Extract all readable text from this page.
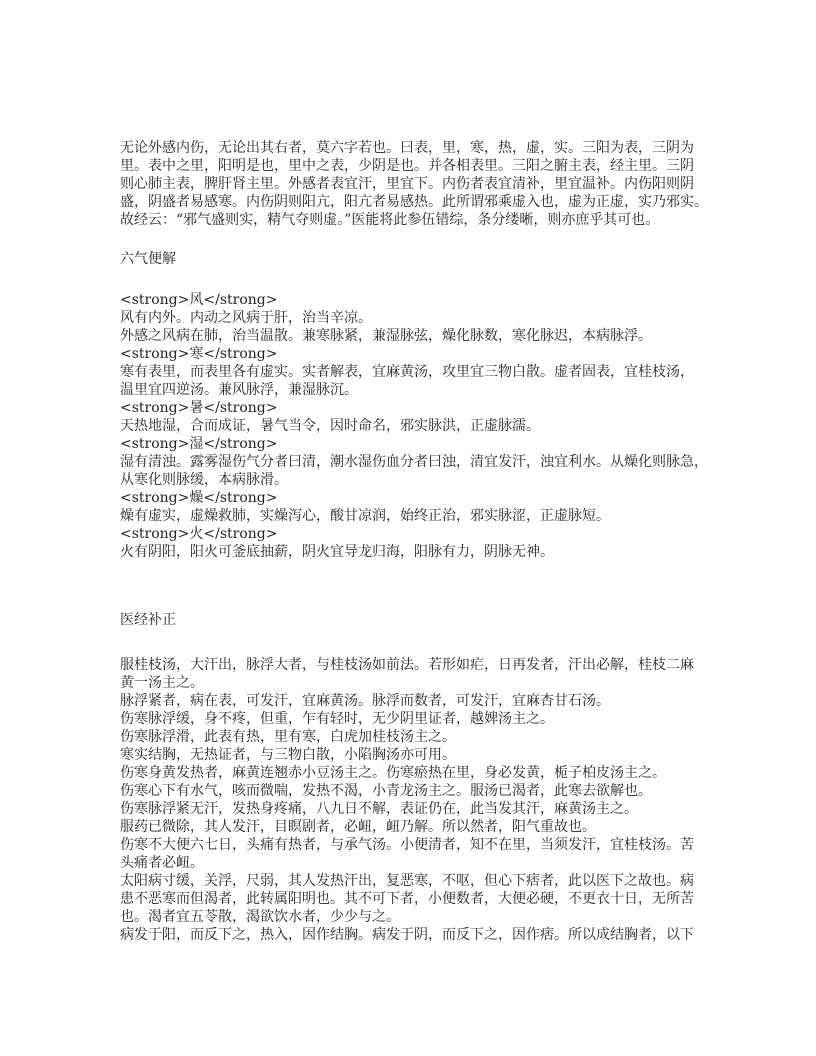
无论外感内伤，无论出其右者，莫六字若也。曰表，里，寒，热，虚，实。三阳为表，三阴为
里。表中之里，阳明是也，里中之表，少阴是也。并各相表里。三阳之腑主表，经主里。三阴
则心肺主表，脾肝肾主里。外感者表宜汗，里宜下。内伤者表宜清补，里宜温补。内伤阳则阴
盛，阴盛者易感寒。内伤阴则阳亢，阳亢者易感热。此所谓邪乘虚入也，虚为正虚，实乃邪实。
故经云：“邪气盛则实，精气夺则虚。”医能将此参伍错综，条分缕晰，则亦庶乎其可也。
六气便解
<strong>风</strong>
风有内外。内动之风病于肝，治当辛凉。
外感之风病在肺，治当温散。兼寒脉紧，兼湿脉弦，燥化脉数，寒化脉迟，本病脉浮。
<strong>寒</strong>
寒有表里，而表里各有虚实。实者解表，宜麻黄汤，攻里宜三物白散。虚者固表，宜桂枝汤，
温里宜四逆汤。兼风脉浮，兼湿脉沉。
<strong>暑</strong>
天热地湿，合而成证，暑气当令，因时命名，邪实脉洪，正虚脉濡。
<strong>湿</strong>
湿有清浊。露雾湿伤气分者曰清，潮水湿伤血分者曰浊，清宜发汗，浊宜利水。从燥化则脉急，
从寒化则脉缓，本病脉滑。
<strong>燥</strong>
燥有虚实，虚燥救肺，实燥泻心，酸甘凉润，始终正治，邪实脉涩，正虚脉短。
<strong>火</strong>
火有阴阳，阳火可釜底抽薪，阴火宜导龙归海，阳脉有力，阴脉无神。
医经补正
服桂枝汤，大汗出，脉浮大者，与桂枝汤如前法。若形如疟，日再发者，汗出必解，桂枝二麻
黄一汤主之。
脉浮紧者，病在表，可发汗，宜麻黄汤。脉浮而数者，可发汗，宜麻杏甘石汤。
伤寒脉浮缓，身不疼，但重，乍有轻时，无少阴里证者，越婢汤主之。
伤寒脉浮滑，此表有热，里有寒，白虎加桂枝汤主之。
寒实结胸，无热证者，与三物白散，小陷胸汤亦可用。
伤寒身黄发热者，麻黄连翘赤小豆汤主之。伤寒瘀热在里，身必发黄，栀子柏皮汤主之。
伤寒心下有水气，咳而微喘，发热不渴，小青龙汤主之。服汤已渴者，此寒去欲解也。
伤寒脉浮紧无汗，发热身疼痛，八九日不解，表证仍在，此当发其汗，麻黄汤主之。
服药已微除，其人发汗，目瞑剧者，必衄，衄乃解。所以然者，阳气重故也。
伤寒不大便六七日，头痛有热者，与承气汤。小便清者，知不在里，当须发汗，宜桂枝汤。苦
头痛者必衄。
太阳病寸缓，关浮，尺弱，其人发热汗出，复恶寒，不呕，但心下痞者，此以医下之故也。病
患不恶寒而但渴者，此转属阳明也。其不可下者，小便数者，大便必硬，不更衣十日，无所苦
也。渴者宜五苓散，渴欲饮水者，少少与之。
病发于阳，而反下之，热入，因作结胸。病发于阴，而反下之，因作痞。所以成结胸者，以下
